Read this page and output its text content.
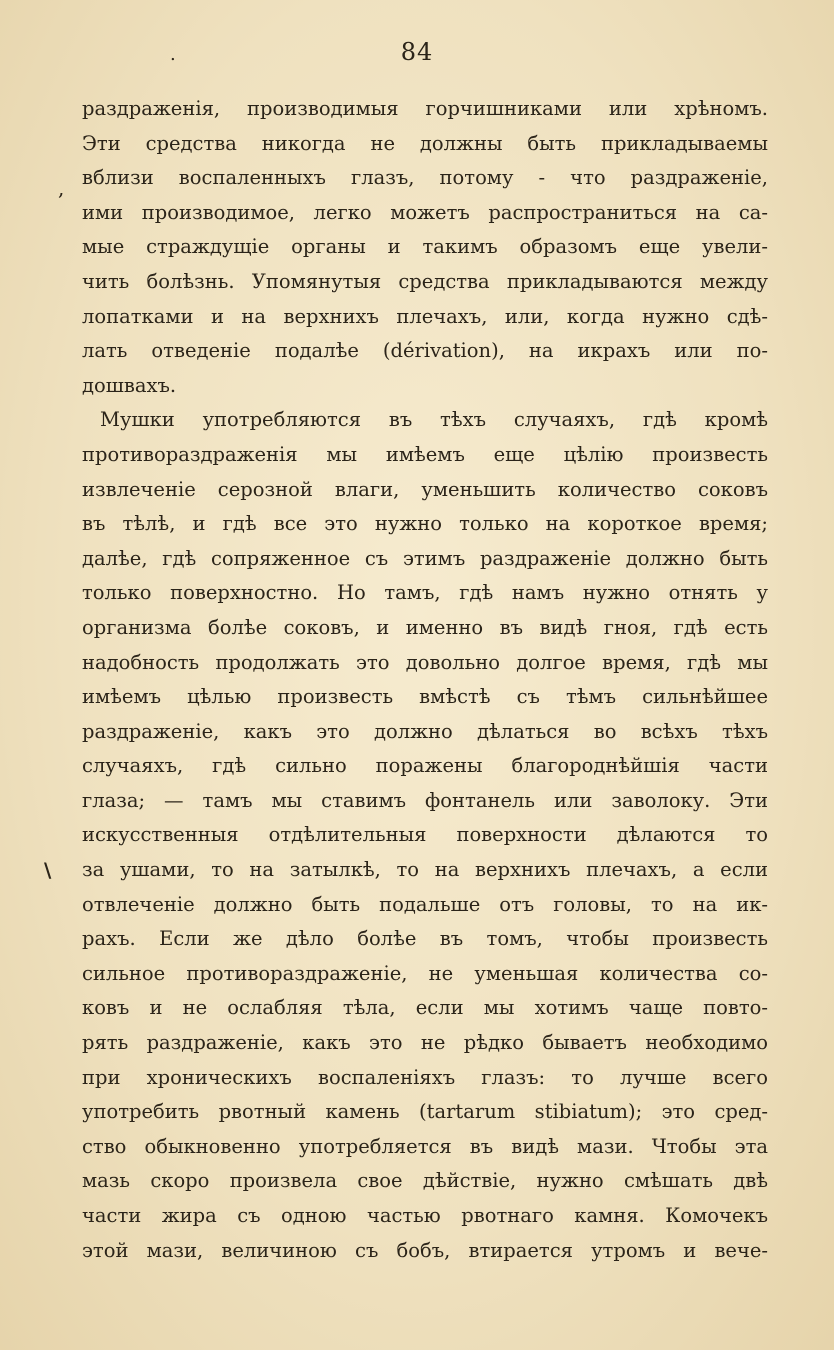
.	84
,
\
раздраженія, производимыя горчишниками или хрѣномъ.
Эти средства никогда не должны быть прикладываемы
вблизи воспаленныхъ глазъ, потому - что раздраженіе,
ими производимое, легко можетъ распространиться на са-
мые страждущіе органы и такимъ образомъ еще увели-
чить болѣзнь. Упомянутыя средства прикладываются между
лопатками и на верхнихъ плечахъ, или, когда нужно сдѣ-
лать отведеніе подалѣе (dérivation), на икрахъ или по-
дошвахъ.
Мушки употребляются въ тѣхъ случаяхъ, гдѣ кромѣ
противораздраженія мы имѣемъ еще цѣлію произвесть
извлеченіе серозной влаги, уменьшить количество соковъ
въ тѣлѣ, и гдѣ все это нужно только на короткое время;
далѣе, гдѣ сопряженное съ этимъ раздраженіе должно быть
только поверхностно. Но тамъ, гдѣ намъ нужно отнять у
организма болѣе соковъ, и именно въ видѣ гноя, гдѣ есть
надобность продолжать это довольно долгое время, гдѣ мы
имѣемъ цѣлью произвесть вмѣстѣ съ тѣмъ сильнѣйшее
раздраженіе, какъ это должно дѣлаться во всѣхъ тѣхъ
случаяхъ, гдѣ сильно поражены благороднѣйшія части
глаза; — тамъ мы ставимъ фонтанель или заволоку. Эти
искусственныя отдѣлительныя поверхности дѣлаются то
за ушами, то на затылкѣ, то на верхнихъ плечахъ, а если
отвлеченіе должно быть подальше отъ головы, то на ик-
рахъ. Если же дѣло болѣе въ томъ, чтобы произвесть
сильное противораздраженіе, не уменьшая количества со-
ковъ и не ослабляя тѣла, если мы хотимъ чаще повто-
рять раздраженіе, какъ это не рѣдко бываетъ необходимо
при хроническихъ воспаленіяхъ глазъ: то лучше всего
употребить рвотный камень (tartarum stibiatum); это сред-
ство обыкновенно употребляется въ видѣ мази. Чтобы эта
мазь скоро произвела свое дѣйствіе, нужно смѣшать двѣ
части жира съ одною частью рвотнаго камня. Комочекъ
этой мази, величиною съ бобъ, втирается утромъ и вече-
